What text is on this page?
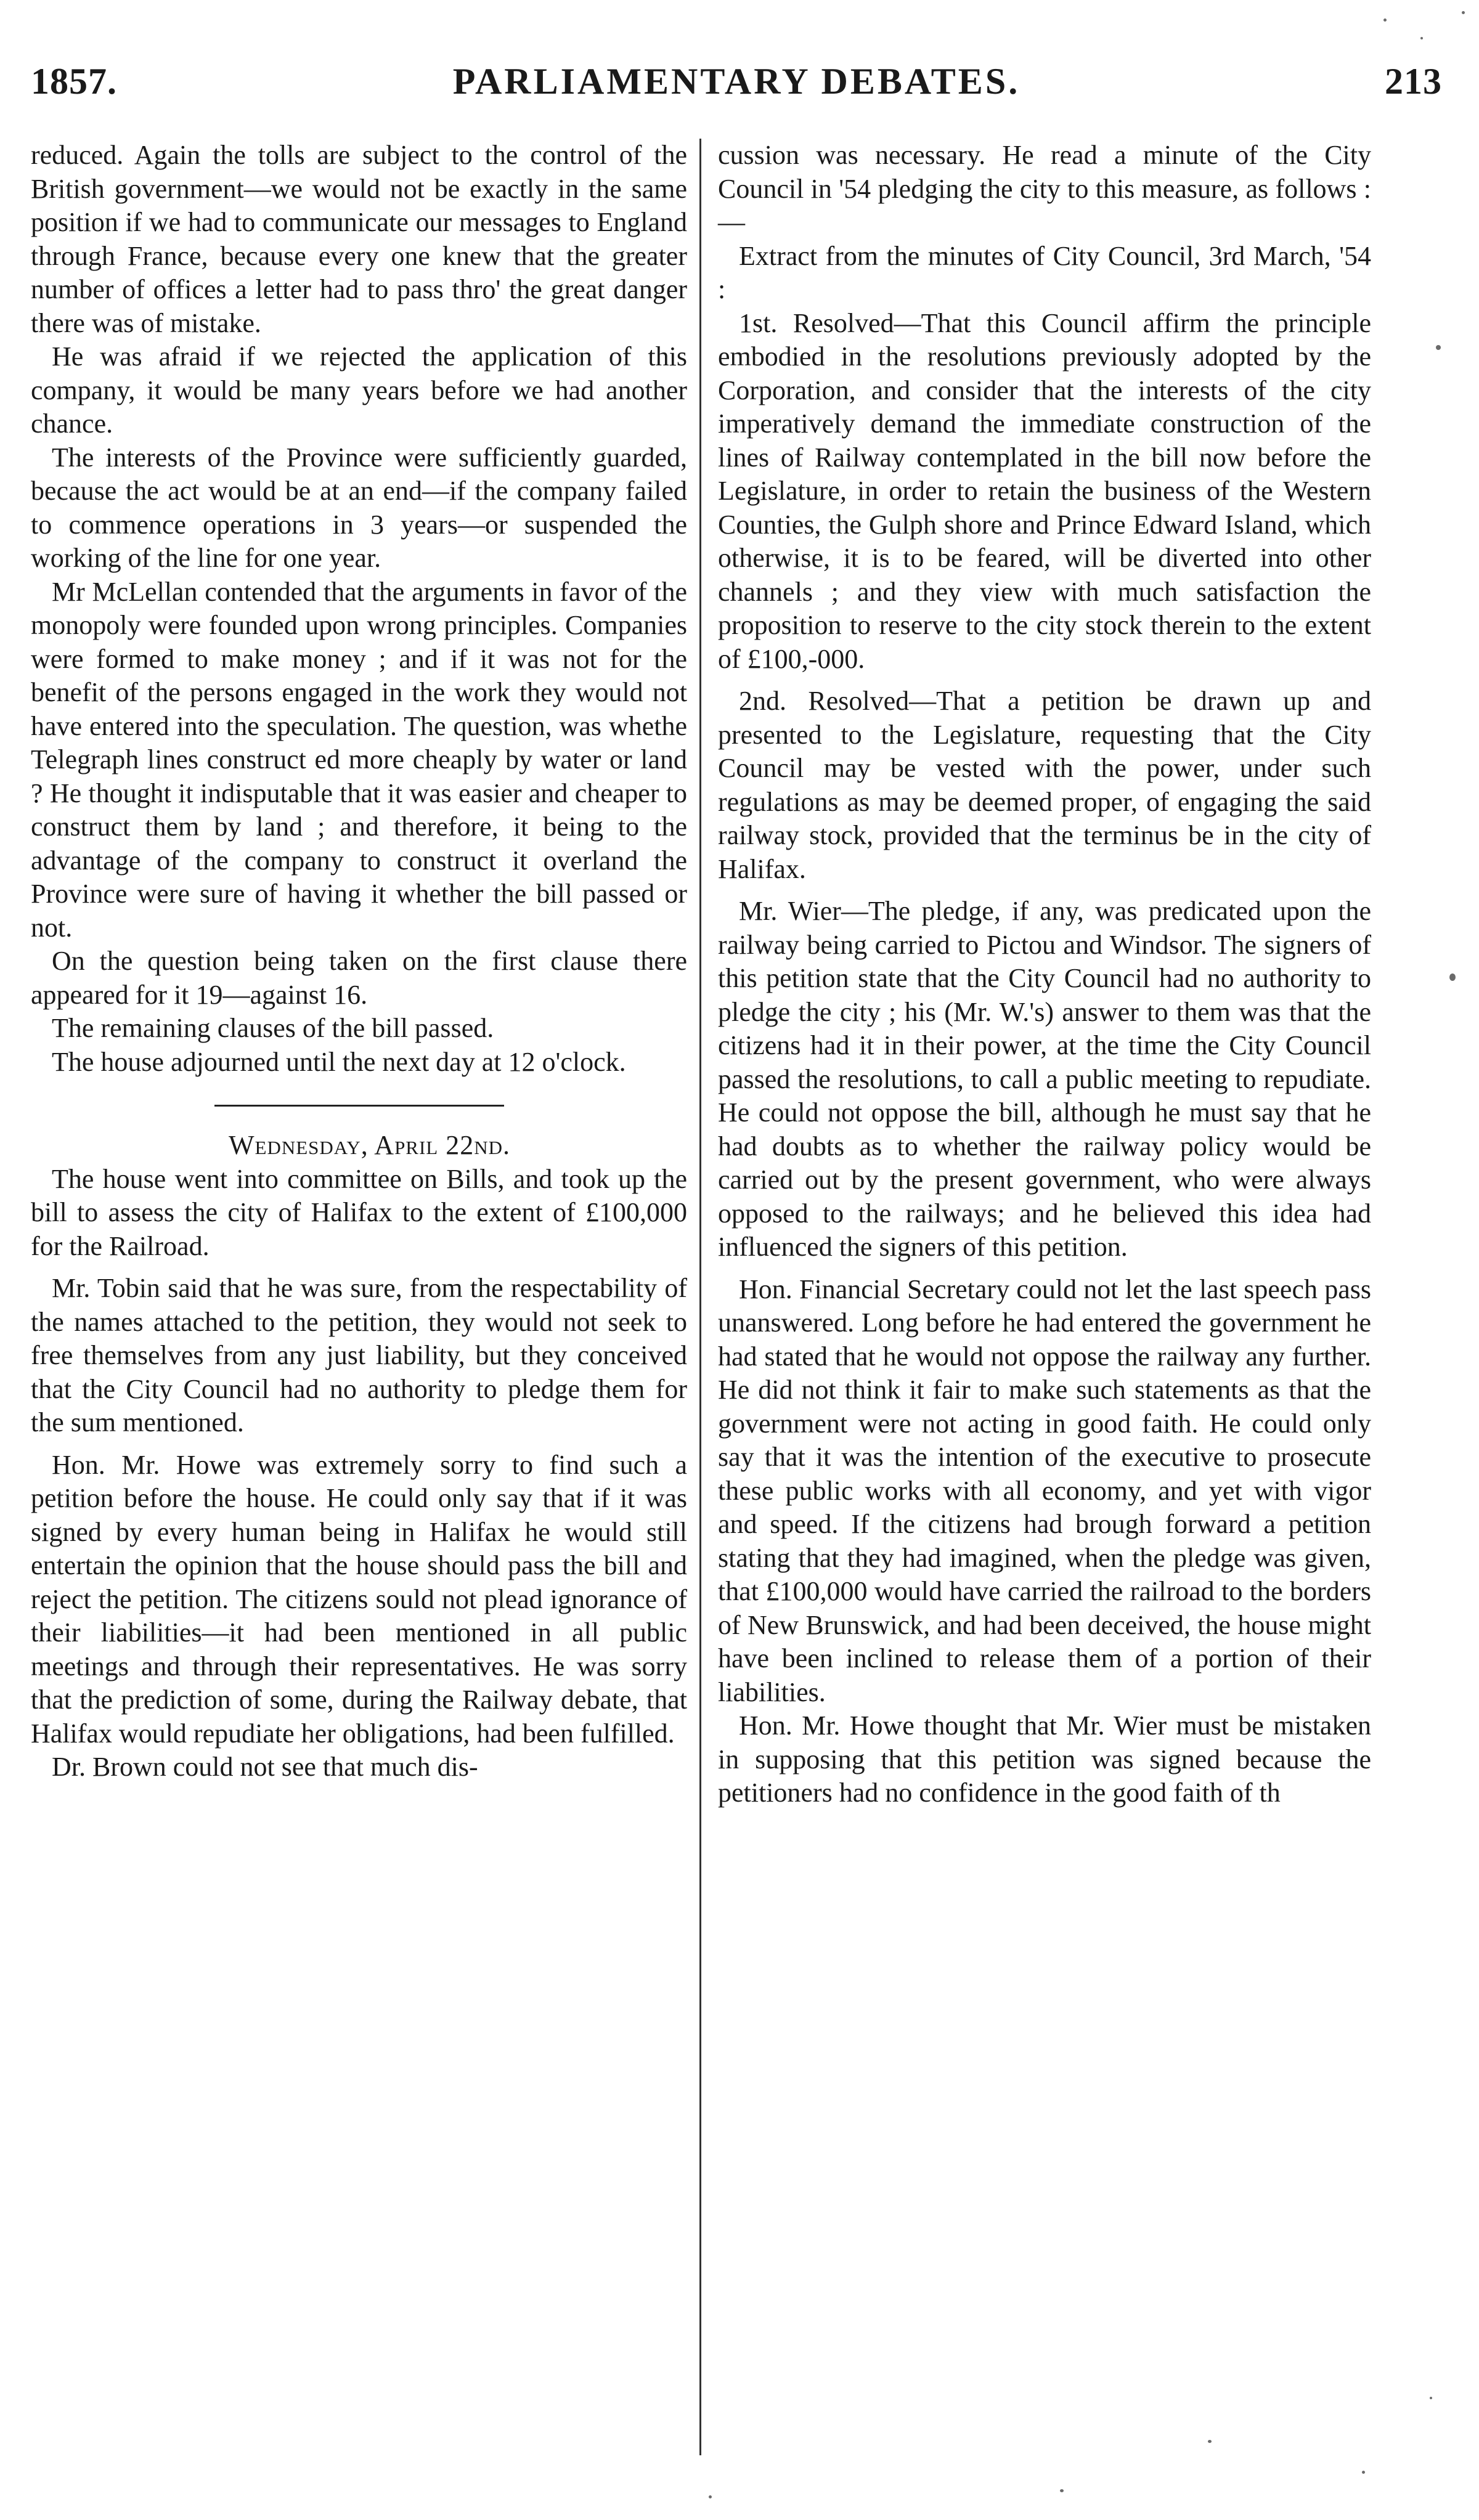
PARLIAMENTARY DEBATES.
1857.	213

reduced. Again the tolls are subject to the control of the British government—we would not be exactly in the same position if we had to communicate our messages to England through France, because every one knew that the greater number of offices a letter had to pass thro' the great danger there was of mistake.

He was afraid if we rejected the application of this company, it would be many years before we had another chance.

The interests of the Province were sufficiently guarded, because the act would be at an end—if the company failed to commence operations in 3 years—or suspended the working of the line for one year.

Mr McLellan contended that the arguments in favor of the monopoly were founded upon wrong principles. Companies were formed to make money ; and if it was not for the benefit of the persons engaged in the work they would not have entered into the speculation. The question, was whethe Telegraph lines construct ed more cheaply by water or land ? He thought it indisputable that it was easier and cheaper to construct them by land ; and therefore, it being to the advantage of the company to construct it overland the Province were sure of having it whether the bill passed or not.

On the question being taken on the first clause there appeared for it 19—against 16.

The remaining clauses of the bill passed.

The house adjourned until the next day at 12 o'clock.

Wednesday, April 22nd.

The house went into committee on Bills, and took up the bill to assess the city of Halifax to the extent of £100,000 for the Railroad.

Mr. Tobin said that he was sure, from the respectability of the names attached to the petition, they would not seek to free themselves from any just liability, but they conceived that the City Council had no authority to pledge them for the sum mentioned.

Hon. Mr. Howe was extremely sorry to find such a petition before the house. He could only say that if it was signed by every human being in Halifax he would still entertain the opinion that the house should pass the bill and reject the petition. The citizens sould not plead ignorance of their liabilities—it had been mentioned in all public meetings and through their representatives. He was sorry that the prediction of some, during the Railway debate, that Halifax would repudiate her obligations, had been fulfilled.

Dr. Brown could not see that much dis-

cussion was necessary. He read a minute of the City Council in '54 pledging the city to this measure, as follows :—

Extract from the minutes of City Council, 3rd March, '54 :

1st. Resolved—That this Council affirm the principle embodied in the resolutions previously adopted by the Corporation, and consider that the interests of the city imperatively demand the immediate construction of the lines of Railway contemplated in the bill now before the Legislature, in order to retain the business of the Western Counties, the Gulph shore and Prince Edward Island, which otherwise, it is to be feared, will be diverted into other channels ; and they view with much satisfaction the proposition to reserve to the city stock therein to the extent of £100,-000.

2nd. Resolved—That a petition be drawn up and presented to the Legislature, requesting that the City Council may be vested with the power, under such regulations as may be deemed proper, of engaging the said railway stock, provided that the terminus be in the city of Halifax.

Mr. Wier—The pledge, if any, was predicated upon the railway being carried to Pictou and Windsor. The signers of this petition state that the City Council had no authority to pledge the city ; his (Mr. W.'s) answer to them was that the citizens had it in their power, at the time the City Council passed the resolutions, to call a public meeting to repudiate. He could not oppose the bill, although he must say that he had doubts as to whether the railway policy would be carried out by the present government, who were always opposed to the railways; and he believed this idea had influenced the signers of this petition.

Hon. Financial Secretary could not let the last speech pass unanswered. Long before he had entered the government he had stated that he would not oppose the railway any further. He did not think it fair to make such statements as that the government were not acting in good faith. He could only say that it was the intention of the executive to prosecute these public works with all economy, and yet with vigor and speed. If the citizens had brough forward a petition stating that they had imagined, when the pledge was given, that £100,000 would have carried the railroad to the borders of New Brunswick, and had been deceived, the house might have been inclined to release them of a portion of their liabilities.

Hon. Mr. Howe thought that Mr. Wier must be mistaken in supposing that this petition was signed because the petitioners had no confidence in the good faith of th
